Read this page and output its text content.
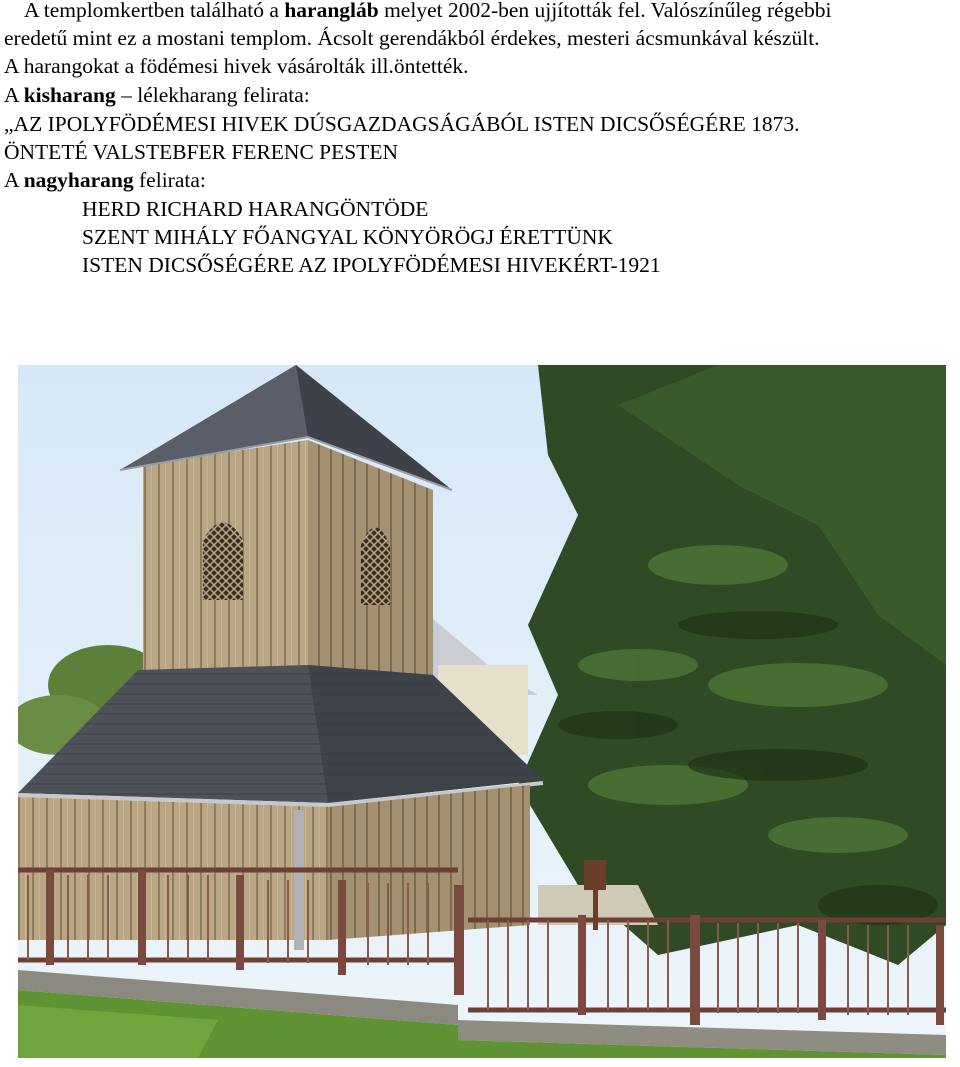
A templomkertben található a harangláb melyet 2002-ben ujjították fel. Valószínűleg régebbi
eredetű mint ez a mostani templom. Ácsolt gerendákból érdekes, mesteri ácsmunkával készült.
A harangokat a födémesi hivek vásárolták ill.öntették.
A kisharang – lélekharang felirata:
„AZ IPOLYFÖDÉMESI HIVEK DÚSGAZDAGSÁGÁBÓL ISTEN DICSŐSÉGÉRE 1873.
ÖNTETÉ VALSTEBFER FERENC PESTEN
A nagyharang felirata:
HERD RICHARD HARANGÖNTÖDE
SZENT MIHÁLY FŐANGYAL KÖNYÖRÖGJ ÉRETTÜNK
ISTEN DICSŐSÉGÉRE AZ IPOLYFÖDÉMESI HIVEKÉRT-1921
